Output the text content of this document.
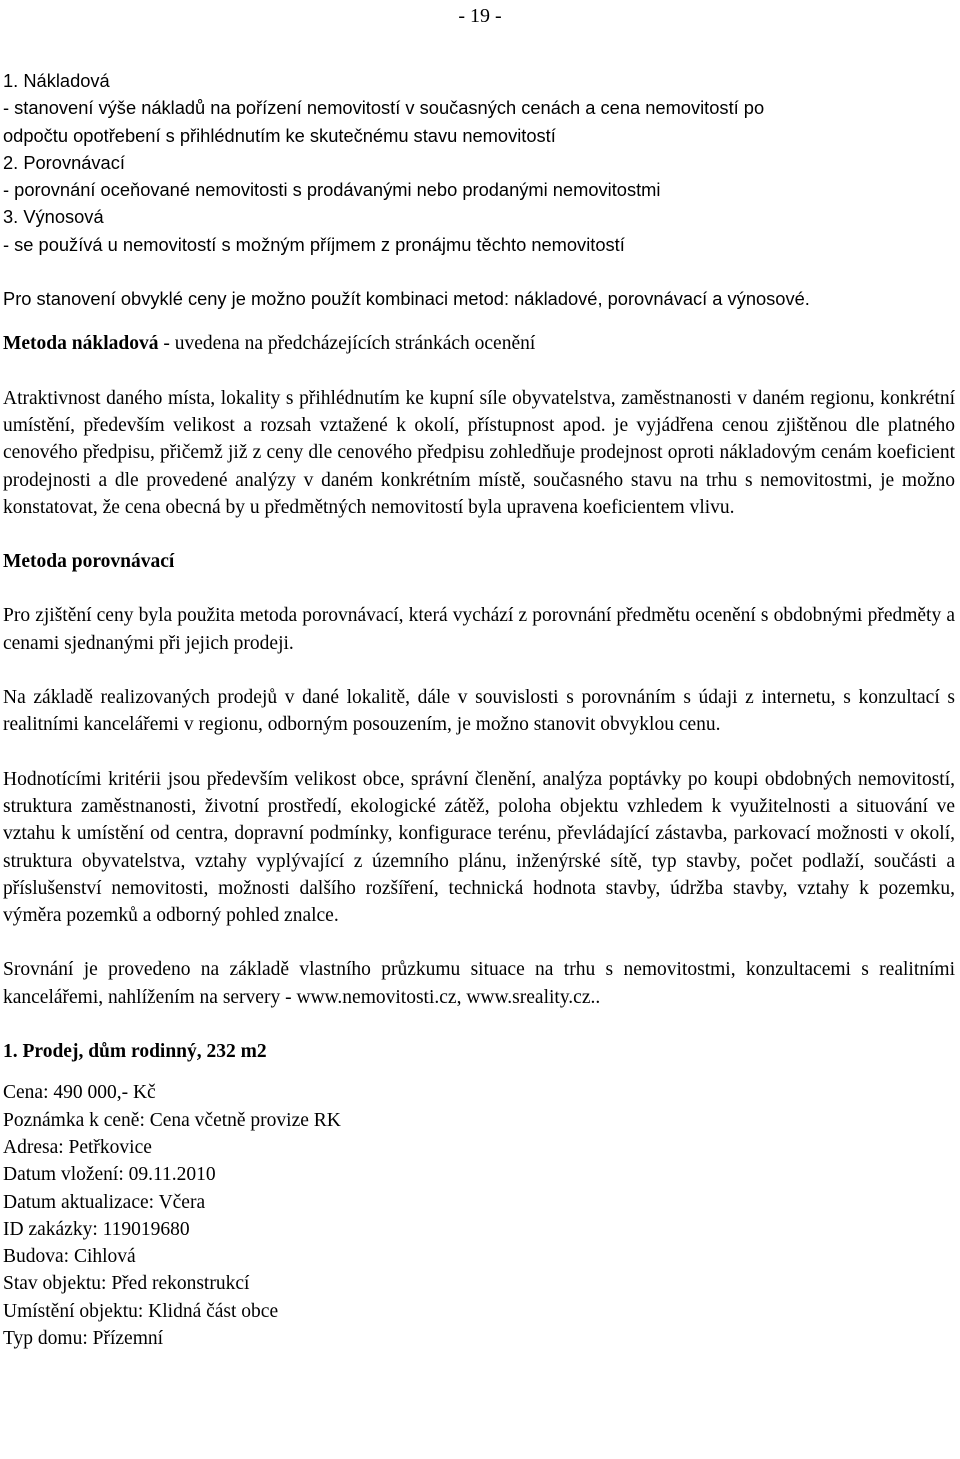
- 19 -
1. Nákladová
- stanovení výše nákladů na pořízení nemovitostí v současných cenách a cena nemovitostí po
odpočtu opotřebení s přihlédnutím ke skutečnému stavu nemovitostí
2. Porovnávací
- porovnání oceňované nemovitosti s prodávanými nebo prodanými nemovitostmi
3. Výnosová
- se používá u nemovitostí s možným příjmem z pronájmu těchto nemovitostí

Pro stanovení obvyklé ceny je možno použít kombinaci metod: nákladové, porovnávací a výnosové.

Metoda nákladová - uvedena na předcházejících stránkách ocenění

Atraktivnost daného místa, lokality s přihlédnutím ke kupní síle obyvatelstva, zaměstnanosti v daném regionu, konkrétní umístění, především velikost a rozsah vztažené k okolí, přístupnost apod. je vyjádřena cenou zjištěnou dle platného cenového předpisu, přičemž již z ceny dle cenového předpisu zohledňuje prodejnost oproti nákladovým cenám koeficient prodejnosti a dle provedené analýzy v daném konkrétním místě, současného stavu na trhu s nemovitostmi, je možno konstatovat, že cena obecná by u předmětných nemovitostí byla upravena koeficientem vlivu.

Metoda porovnávací

Pro zjištění ceny byla použita metoda porovnávací, která vychází z porovnání předmětu ocenění s obdobnými předměty a cenami sjednanými při jejich prodeji.

Na základě realizovaných prodejů v dané lokalitě, dále v souvislosti s porovnáním s údaji z internetu, s konzultací s realitními kancelářemi v regionu, odborným posouzením, je možno stanovit obvyklou cenu.

Hodnotícími kritérii jsou především velikost obce, správní členění, analýza poptávky po koupi obdobných nemovitostí, struktura zaměstnanosti, životní prostředí, ekologické zátěž, poloha objektu vzhledem k využitelnosti a situování ve vztahu k umístění od centra, dopravní podmínky, konfigurace terénu, převládající zástavba, parkovací možnosti v okolí, struktura obyvatelstva, vztahy vyplývající z územního plánu, inženýrské sítě, typ stavby, počet podlaží, součásti a příslušenství nemovitosti, možnosti dalšího rozšíření, technická hodnota stavby, údržba stavby, vztahy k pozemku, výměra pozemků a odborný pohled znalce.

Srovnání je provedeno na základě vlastního průzkumu situace na trhu s nemovitostmi, konzultacemi s realitními kancelářemi, nahlížením na servery - www.nemovitosti.cz, www.sreality.cz..

1. Prodej, dům rodinný, 232 m2

Cena: 490 000,- Kč
Poznámka k ceně: Cena včetně provize RK
Adresa: Petřkovice
Datum vložení: 09.11.2010
Datum aktualizace: Včera
ID zakázky: 119019680
Budova: Cihlová
Stav objektu: Před rekonstrukcí
Umístění objektu: Klidná část obce
Typ domu: Přízemní
